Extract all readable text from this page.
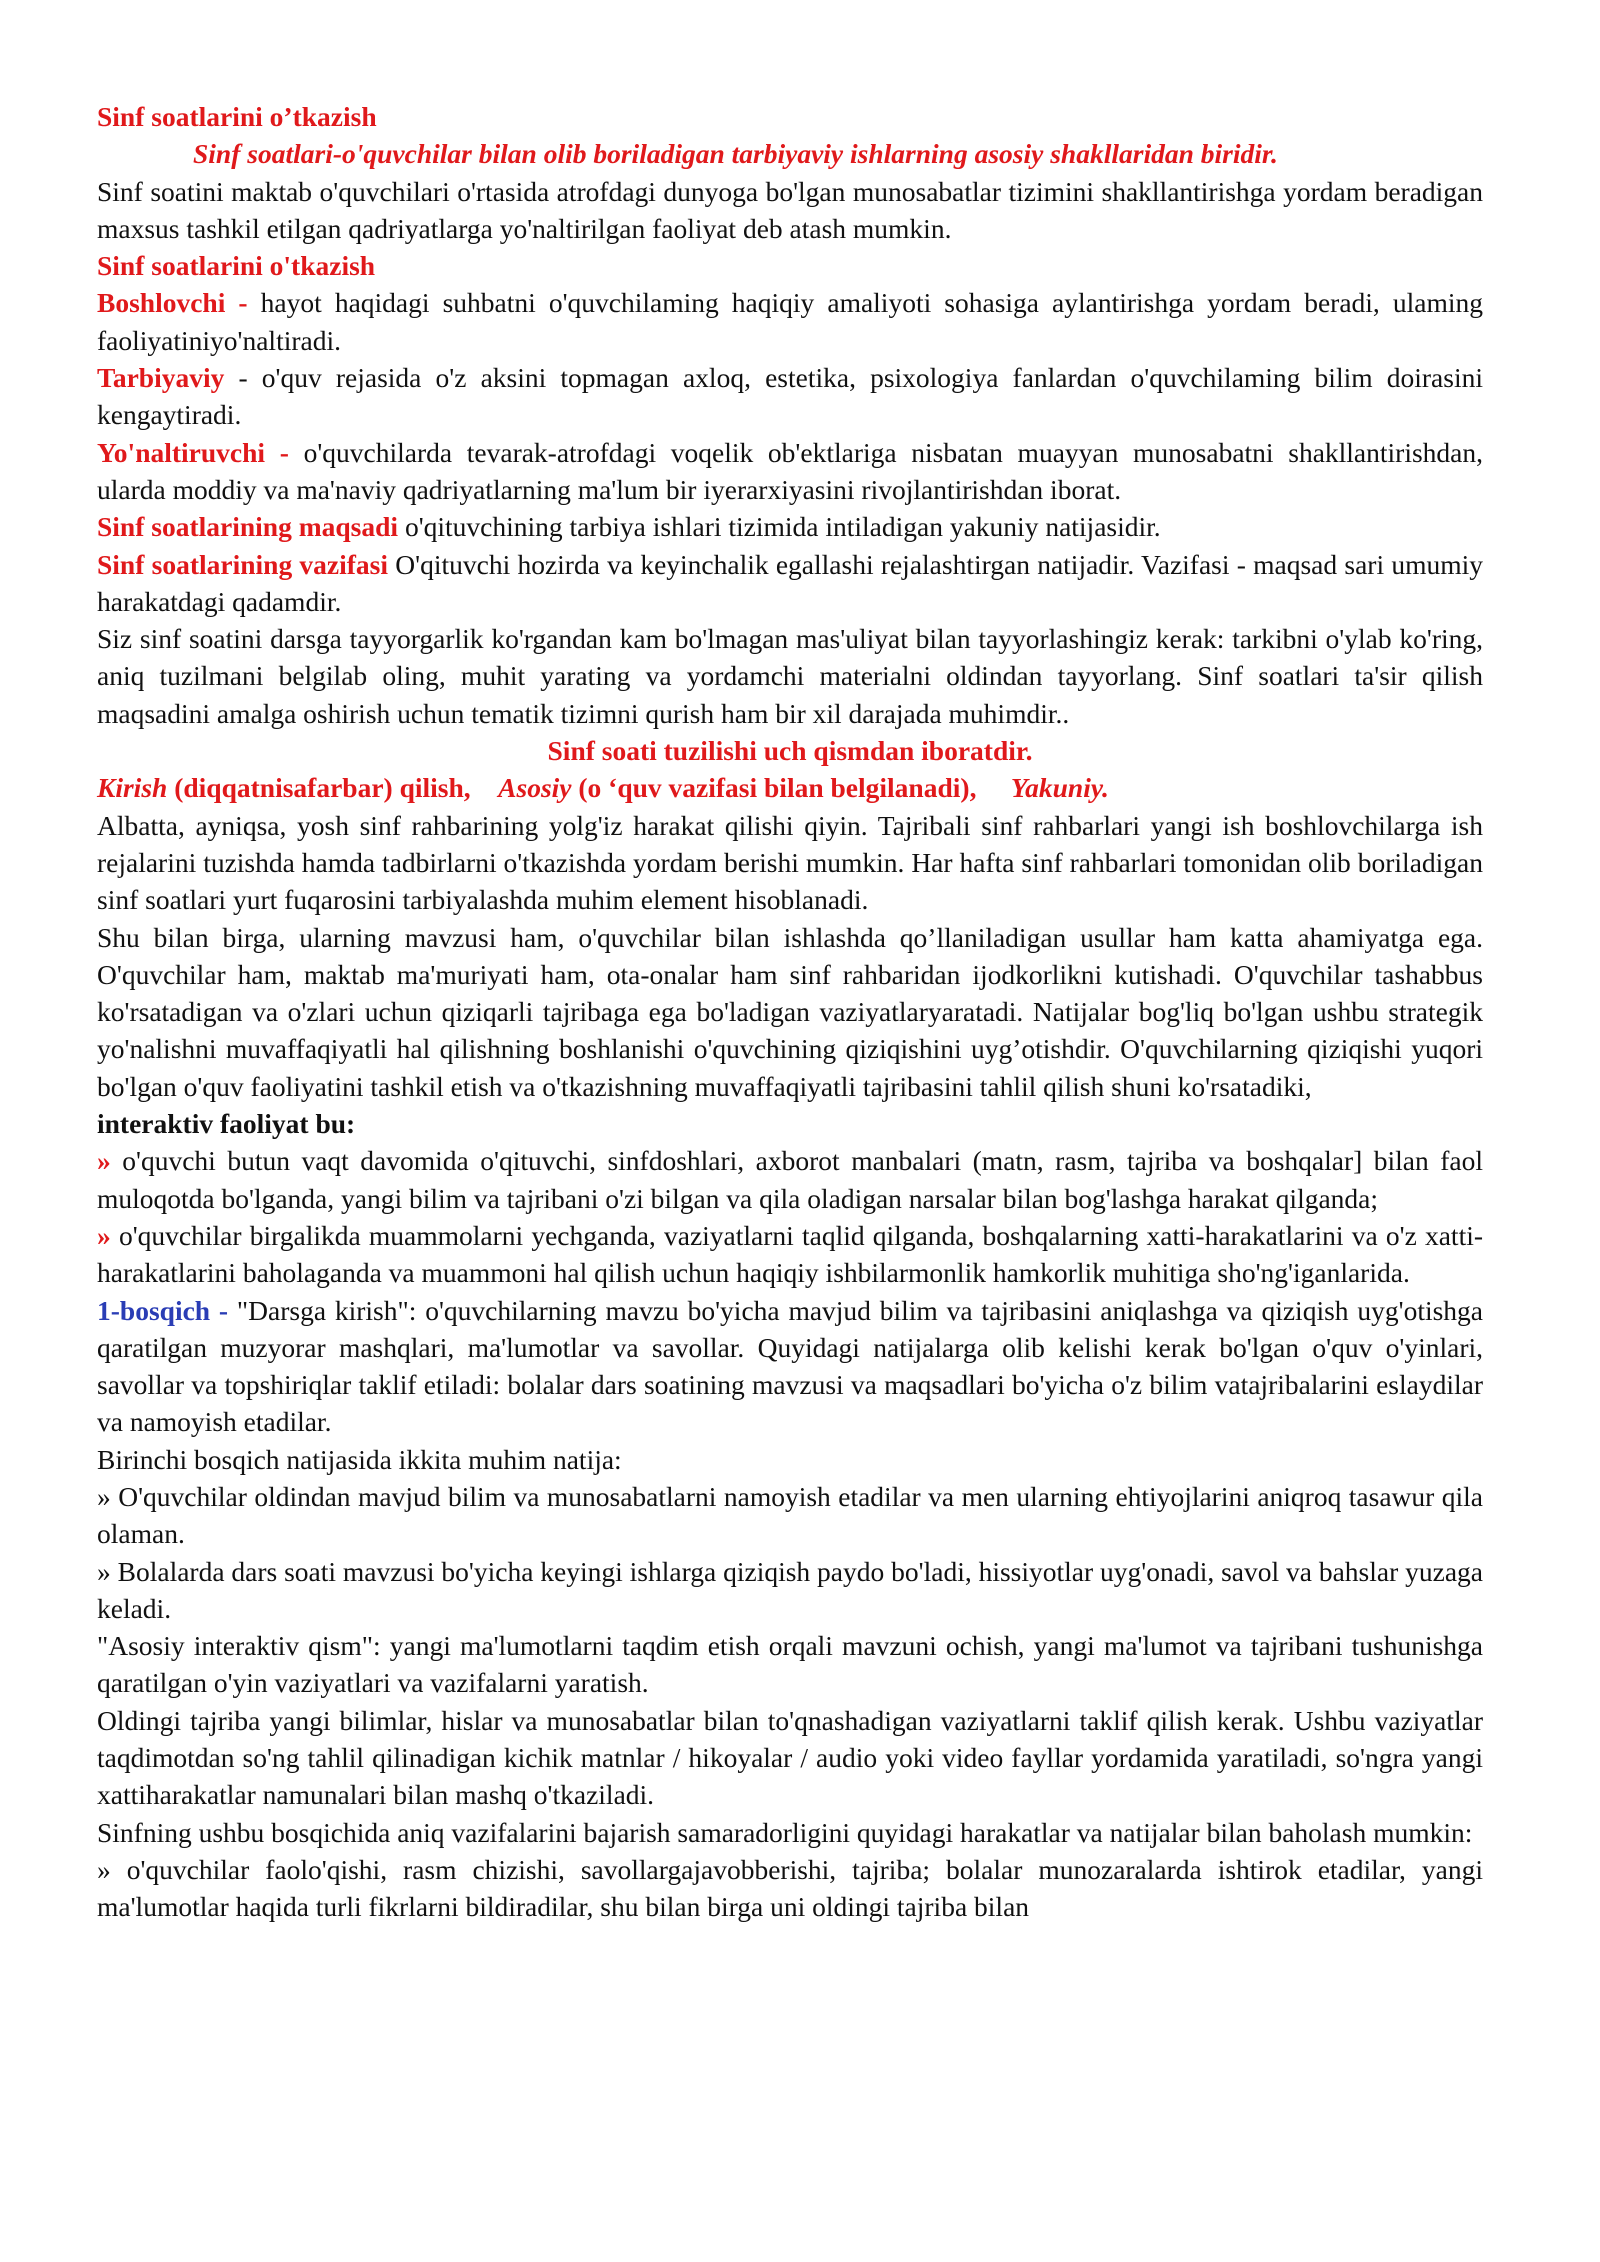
Sinf soatlarini o’tkazish

Sinf soatlari-o'quvchilar bilan olib boriladigan tarbiyaviy ishlarning asosiy shakllaridan biridir.

Sinf soatini maktab o'quvchilari o'rtasida atrofdagi dunyoga bo'lgan munosabatlar tizimini shakllantirishga yordam beradigan maxsus tashkil etilgan qadriyatlarga yo'naltirilgan faoliyat deb atash mumkin.

Sinf soatlarini o'tkazish

Boshlovchi - hayot haqidagi suhbatni o'quvchilaming haqiqiy amaliyoti sohasiga aylantirishga yordam beradi, ulaming faoliyatiniyo'naltiradi.

Tarbiyaviy - o'quv rejasida o'z aksini topmagan axloq, estetika, psixologiya fanlardan o'quvchilaming bilim doirasini kengaytiradi.

Yo'naltiruvchi - o'quvchilarda tevarak-atrofdagi voqelik ob'ektlariga nisbatan muayyan munosabatni shakllantirishdan, ularda moddiy va ma'naviy qadriyatlarning ma'lum bir iyerarxiyasini rivojlantirishdan iborat.

Sinf soatlarining maqsadi o'qituvchining tarbiya ishlari tizimida intiladigan yakuniy natijasidir.

Sinf soatlarining vazifasi O'qituvchi hozirda va keyinchalik egallashi rejalashtirgan natijadir. Vazifasi - maqsad sari umumiy harakatdagi qadamdir.

Siz sinf soatini darsga tayyorgarlik ko'rgandan kam bo'lmagan mas'uliyat bilan tayyorlashingiz kerak: tarkibni o'ylab ko'ring, aniq tuzilmani belgilab oling, muhit yarating va yordamchi materialni oldindan tayyorlang. Sinf soatlari ta'sir qilish maqsadini amalga oshirish uchun tematik tizimni qurish ham bir xil darajada muhimdir..

Sinf soati tuzilishi uch qismdan iboratdir.

Kirish (diqqatnisafarbar) qilish, Asosiy (o ‘quv vazifasi bilan belgilanadi), Yakuniy.

Albatta, ayniqsa, yosh sinf rahbarining yolg'iz harakat qilishi qiyin. Tajribali sinf rahbarlari yangi ish boshlovchilarga ish rejalarini tuzishda hamda tadbirlarni o'tkazishda yordam berishi mumkin. Har hafta sinf rahbarlari tomonidan olib boriladigan sinf soatlari yurt fuqarosini tarbiyalashda muhim element hisoblanadi.

Shu bilan birga, ularning mavzusi ham, o'quvchilar bilan ishlashda qo’llaniladigan usullar ham katta ahamiyatga ega. O'quvchilar ham, maktab ma'muriyati ham, ota-onalar ham sinf rahbaridan ijodkorlikni kutishadi. O'quvchilar tashabbus ko'rsatadigan va o'zlari uchun qiziqarli tajribaga ega bo'ladigan vaziyatlaryaratadi. Natijalar bog'liq bo'lgan ushbu strategik yo'nalishni muvaffaqiyatli hal qilishning boshlanishi o'quvchining qiziqishini uyg’otishdir. O'quvchilarning qiziqishi yuqori bo'lgan o'quv faoliyatini tashkil etish va o'tkazishning muvaffaqiyatli tajribasini tahlil qilish shuni ko'rsatadiki,

interaktiv faoliyat bu:

» o'quvchi butun vaqt davomida o'qituvchi, sinfdoshlari, axborot manbalari (matn, rasm, tajriba va boshqalar] bilan faol muloqotda bo'lganda, yangi bilim va tajribani o'zi bilgan va qila oladigan narsalar bilan bog'lashga harakat qilganda;

» o'quvchilar birgalikda muammolarni yechganda, vaziyatlarni taqlid qilganda, boshqalarning xatti-harakatlarini va o'z xatti-harakatlarini baholaganda va muammoni hal qilish uchun haqiqiy ishbilarmonlik hamkorlik muhitiga sho'ng'iganlarida.

1-bosqich - "Darsga kirish": o'quvchilarning mavzu bo'yicha mavjud bilim va tajribasini aniqlashga va qiziqish uyg'otishga qaratilgan muzyorar mashqlari, ma'lumotlar va savollar. Quyidagi natijalarga olib kelishi kerak bo'lgan o'quv o'yinlari, savollar va topshiriqlar taklif etiladi: bolalar dars soatining mavzusi va maqsadlari bo'yicha o'z bilim vatajribalarini eslaydilar va namoyish etadilar.

Birinchi bosqich natijasida ikkita muhim natija:

» O'quvchilar oldindan mavjud bilim va munosabatlarni namoyish etadilar va men ularning ehtiyojlarini aniqroq tasawur qila olaman.

» Bolalarda dars soati mavzusi bo'yicha keyingi ishlarga qiziqish paydo bo'ladi, hissiyotlar uyg'onadi, savol va bahslar yuzaga keladi.

"Asosiy interaktiv qism": yangi ma'lumotlarni taqdim etish orqali mavzuni ochish, yangi ma'lumot va tajribani tushunishga qaratilgan o'yin vaziyatlari va vazifalarni yaratish.

Oldingi tajriba yangi bilimlar, hislar va munosabatlar bilan to'qnashadigan vaziyatlarni taklif qilish kerak. Ushbu vaziyatlar taqdimotdan so'ng tahlil qilinadigan kichik matnlar / hikoyalar / audio yoki video fayllar yordamida yaratiladi, so'ngra yangi xattiharakatlar namunalari bilan mashq o'tkaziladi.

Sinfning ushbu bosqichida aniq vazifalarini bajarish samaradorligini quyidagi harakatlar va natijalar bilan baholash mumkin:

» o'quvchilar faolo'qishi, rasm chizishi, savollargajavobberishi, tajriba; bolalar munozaralarda ishtirok etadilar, yangi ma'lumotlar haqida turli fikrlarni bildiradilar, shu bilan birga uni oldingi tajriba bilan
